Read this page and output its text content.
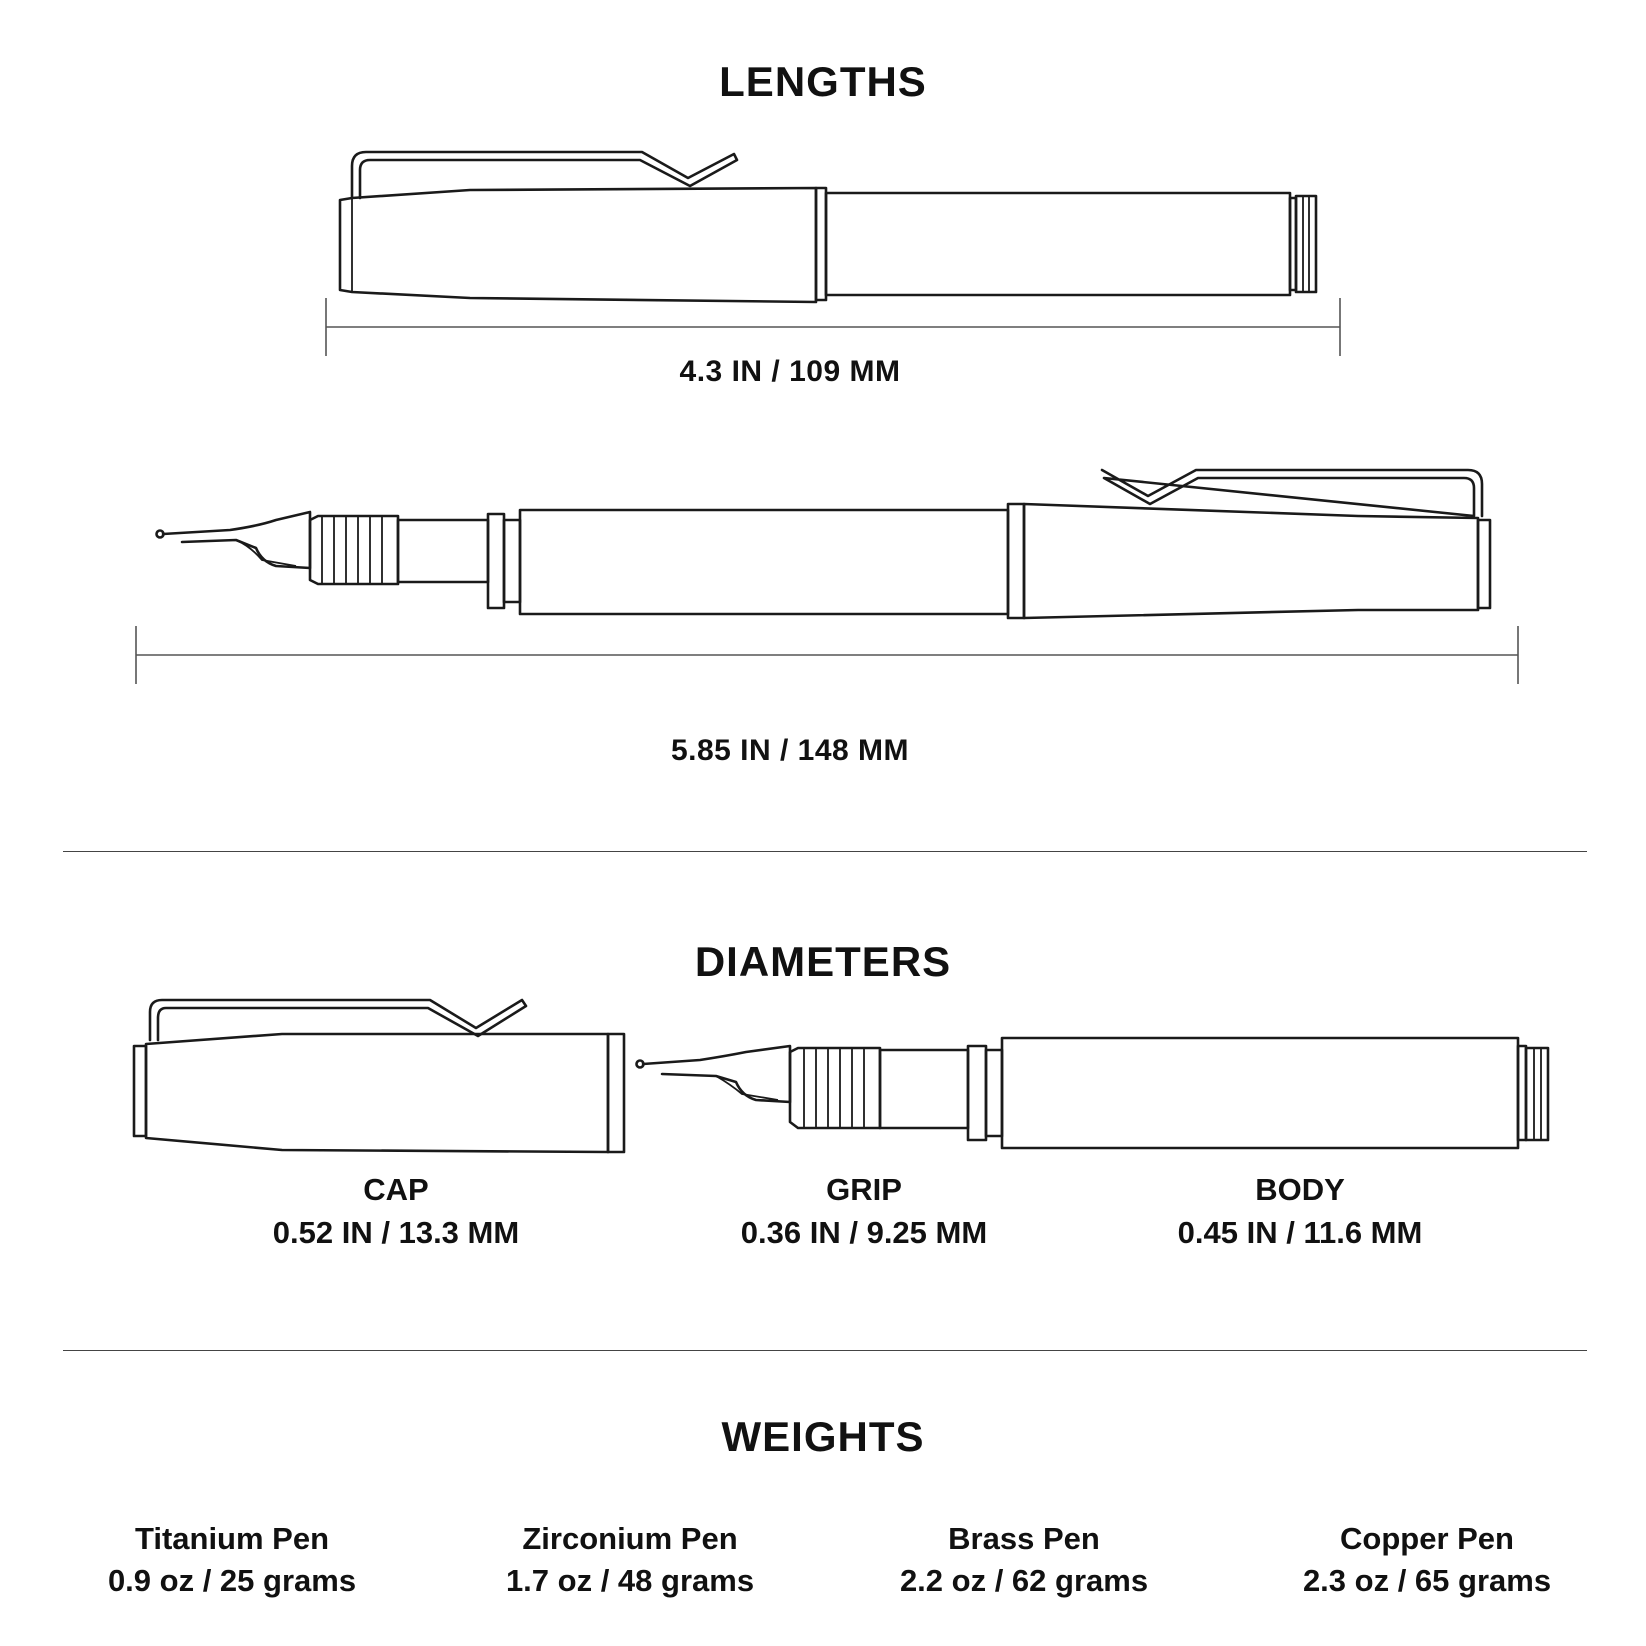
LENGTHS
4.3 IN / 109 MM
5.85 IN / 148 MM
DIAMETERS
CAP
0.52 IN / 13.3 MM
GRIP
0.36 IN / 9.25 MM
BODY
0.45 IN / 11.6 MM
WEIGHTS
Titanium Pen
0.9 oz / 25 grams
Zirconium Pen
1.7 oz / 48 grams
Brass Pen
2.2 oz / 62 grams
Copper Pen
2.3 oz / 65 grams
